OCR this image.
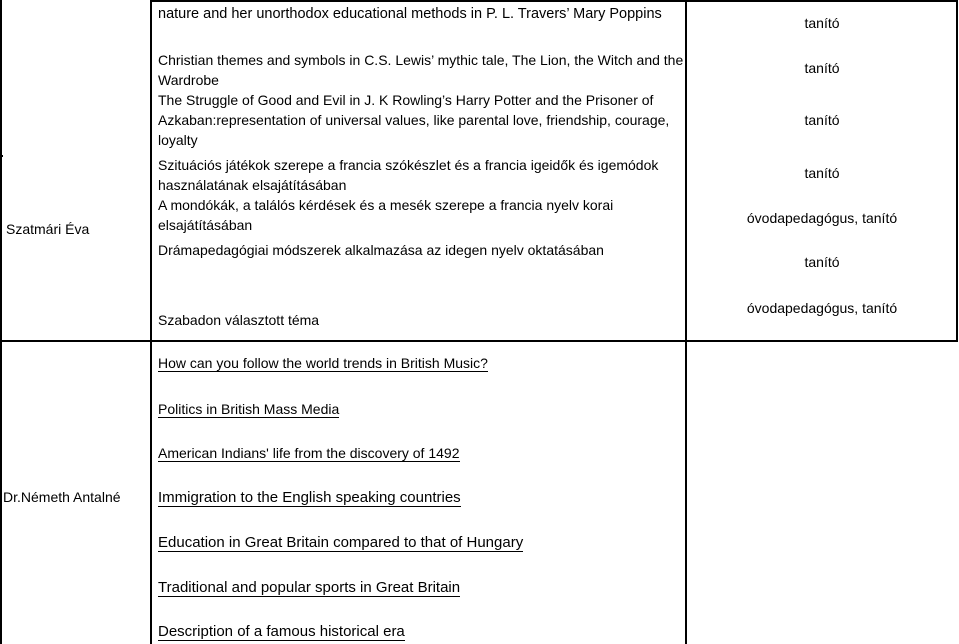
Szatmári Éva
nature and her unorthodox educational methods in P. L. Travers’ Mary Poppins
tanító
Christian themes and symbols in C.S. Lewis’ mythic tale, The Lion, the Witch and the Wardrobe
tanító
The Struggle of Good and Evil in J. K Rowling’s Harry Potter and the Prisoner of Azkaban:representation of universal values, like parental love, friendship, courage, loyalty
tanító
Szituációs játékok szerepe a francia szókészlet és a francia igeidők és igemódok használatának elsajátításában
tanító
A mondókák, a találós kérdések és a mesék szerepe a francia nyelv korai elsajátításában	óvodapedagógus, tanító
Drámapedagógiai módszerek alkalmazása az idegen nyelv oktatásában
tanító
Szabadon választott téma
óvodapedagógus, tanító
Dr.Németh Antalné
How can you follow the world trends in British Music?
Politics in British Mass Media
American Indians' life from the discovery of 1492
Immigration to the English speaking countries
Education in Great Britain compared to that of Hungary
Traditional and popular sports in Great Britain
Description of a famous historical era
